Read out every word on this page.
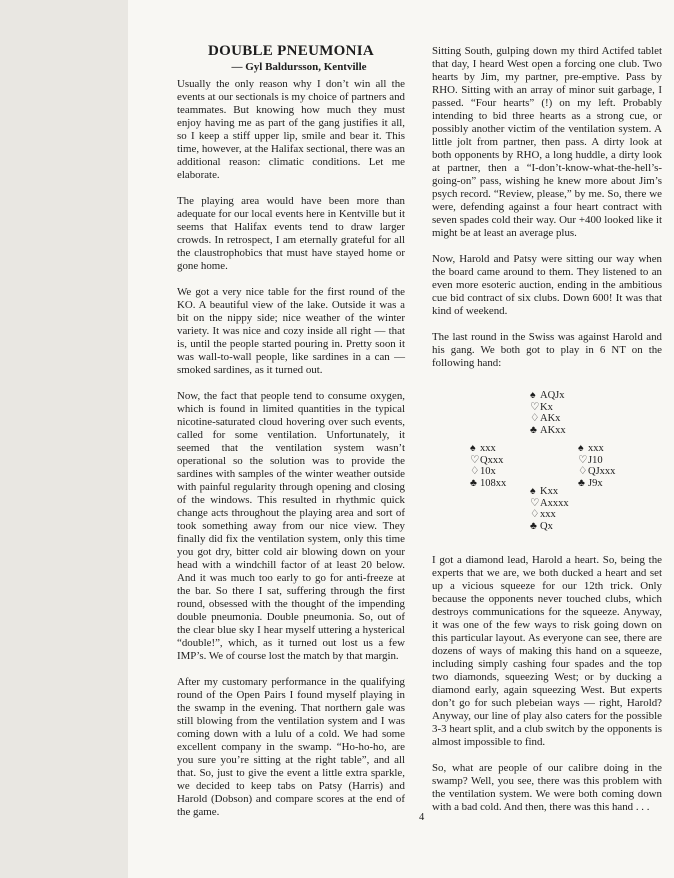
DOUBLE PNEUMONIA
— Gyl Baldursson, Kentville

Usually the only reason why I don’t win all the events at our sectionals is my choice of partners and teammates. But knowing how much they must enjoy having me as part of the gang justifies it all, so I keep a stiff upper lip, smile and bear it. This time, however, at the Halifax sectional, there was an additional reason: climatic conditions. Let me elaborate.

The playing area would have been more than adequate for our local events here in Kentville but it seems that Halifax events tend to draw larger crowds. In retrospect, I am eternally grateful for all the claustrophobics that must have stayed home or gone home.

We got a very nice table for the first round of the KO. A beautiful view of the lake. Outside it was a bit on the nippy side; nice weather of the winter variety. It was nice and cozy inside all right — that is, until the people started pouring in. Pretty soon it was wall-to-wall people, like sardines in a can — smoked sardines, as it turned out.

Now, the fact that people tend to consume oxygen, which is found in limited quantities in the typical nicotine-saturated cloud hovering over such events, called for some ventilation. Unfortunately, it seemed that the ventilation system wasn’t operational so the solution was to provide the sardines with samples of the winter weather outside with painful regularity through opening and closing of the windows. This resulted in rhythmic quick change acts throughout the playing area and sort of took something away from our nice view. They finally did fix the ventilation system, only this time you got dry, bitter cold air blowing down on your head with a windchill factor of at least 20 below. And it was much too early to go for anti-freeze at the bar. So there I sat, suffering through the first round, obsessed with the thought of the impending double pneumonia. Double pneumonia. So, out of the clear blue sky I hear myself uttering a hysterical “double!”, which, as it turned out lost us a few IMP’s. We of course lost the match by that margin.

After my customary performance in the qualifying round of the Open Pairs I found myself playing in the swamp in the evening. That northern gale was still blowing from the ventilation system and I was coming down with a lulu of a cold. We had some excellent company in the swamp. “Ho-ho-ho, are you sure you’re sitting at the right table”, and all that. So, just to give the event a little extra sparkle, we decided to keep tabs on Patsy (Harris) and Harold (Dobson) and compare scores at the end of the game.

Sitting South, gulping down my third Actifed tablet that day, I heard West open a forcing one club. Two hearts by Jim, my partner, pre-emptive. Pass by RHO. Sitting with an array of minor suit garbage, I passed. “Four hearts” (!) on my left. Probably intending to bid three hearts as a strong cue, or possibly another victim of the ventilation system. A little jolt from partner, then pass. A dirty look at both opponents by RHO, a long huddle, a dirty look at partner, then a “I-don’t-know-what-the-hell’s-going-on” pass, wishing he knew more about Jim’s psych record. “Review, please,” by me. So, there we were, defending against a four heart contract with seven spades cold their way. Our +400 looked like it might be at least an average plus.

Now, Harold and Patsy were sitting our way when the board came around to them. They listened to an even more esoteric auction, ending in the ambitious cue bid contract of six clubs. Down 600! It was that kind of weekend.

The last round in the Swiss was against Harold and his gang. We both got to play in 6 NT on the following hand:

♠ AQJx
♡Kx
♢AKx
♣ AKxx
♠ xxx
♡Qxxx
♢10x
♣ 108xx
♠ xxx
♡J10
♢QJxxx
♣ J9x
♠ Kxx
♡Axxxx
♢xxx
♣ Qx

I got a diamond lead, Harold a heart. So, being the experts that we are, we both ducked a heart and set up a vicious squeeze for our 12th trick. Only because the opponents never touched clubs, which destroys communications for the squeeze. Anyway, it was one of the few ways to risk going down on this particular layout. As everyone can see, there are dozens of ways of making this hand on a squeeze, including simply cashing four spades and the top two diamonds, squeezing West; or by ducking a diamond early, again squeezing West. But experts don’t go for such plebeian ways — right, Harold? Anyway, our line of play also caters for the possible 3-3 heart split, and a club switch by the opponents is almost impossible to find.

So, what are people of our calibre doing in the swamp? Well, you see, there was this problem with the ventilation system. We were both coming down with a bad cold. And then, there was this hand . . .

4
